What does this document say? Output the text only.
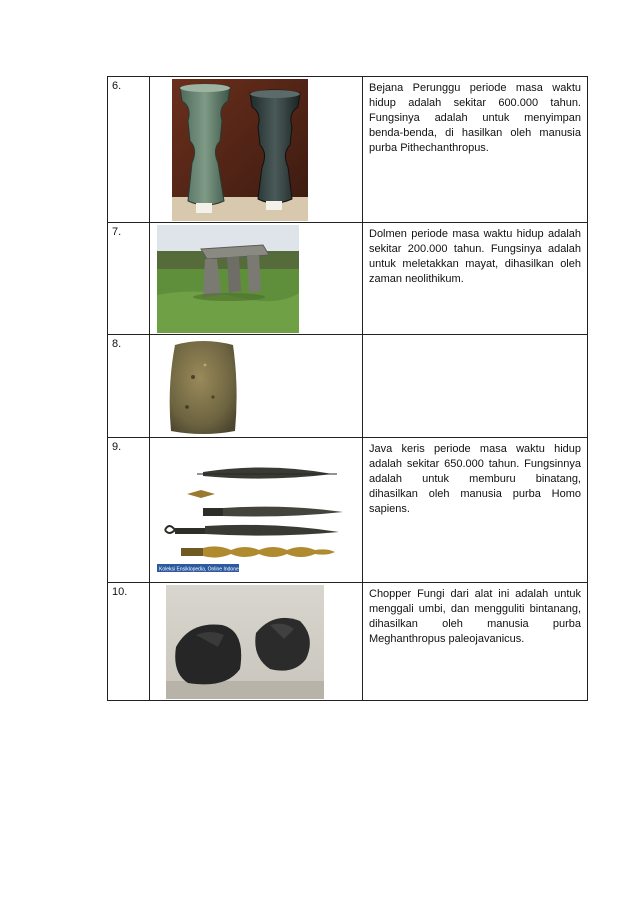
6.		Bejana Perunggu periode masa waktu hidup adalah sekitar 600.000 tahun. Fungsinya adalah untuk menyimpan benda-benda, di hasilkan oleh manusia purba Pithechanthropus.
7.		Dolmen periode masa waktu hidup adalah sekitar 200.000 tahun. Fungsinya adalah untuk meletakkan mayat, dihasilkan oleh zaman neolithikum.
8.	

9.	Koleksi Ensiklopedia, Online Indonesia	Java keris periode masa waktu hidup adalah sekitar 650.000 tahun. Fungsinnya adalah untuk memburu binatang, dihasilkan oleh manusia purba Homo sapiens.
10.		Chopper Fungi dari alat ini adalah untuk menggali umbi, dan mengguliti bintanang, dihasilkan oleh manusia purba Meghanthropus paleojavanicus.
